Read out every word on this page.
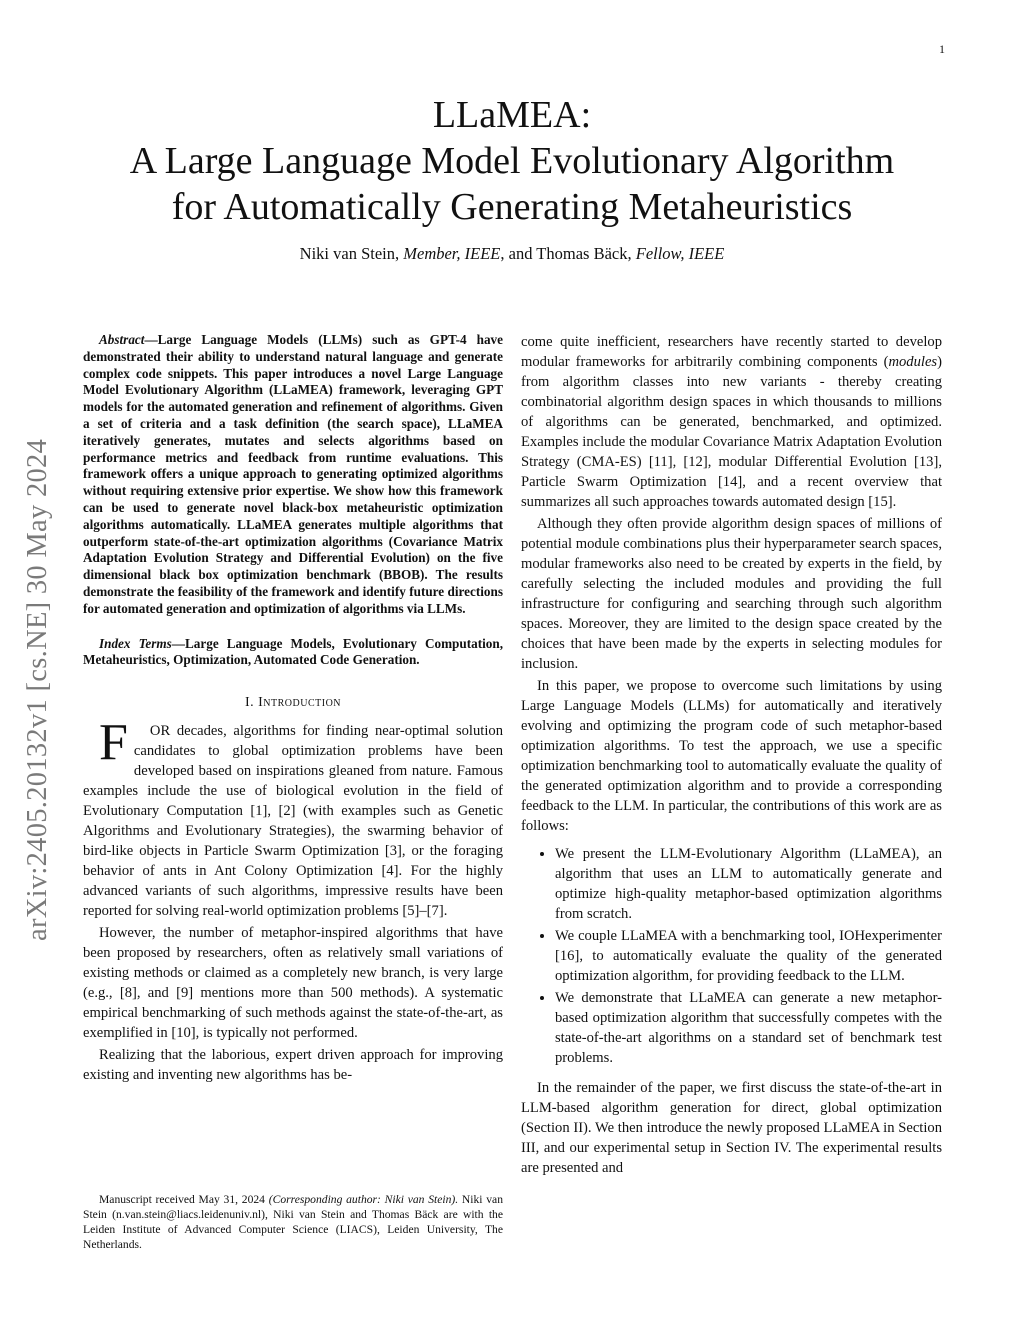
1
LLaMEA:
A Large Language Model Evolutionary Algorithm
for Automatically Generating Metaheuristics
Niki van Stein, Member, IEEE, and Thomas Bäck, Fellow, IEEE
arXiv:2405.20132v1 [cs.NE] 30 May 2024
Abstract—Large Language Models (LLMs) such as GPT-4 have demonstrated their ability to understand natural language and generate complex code snippets. This paper introduces a novel Large Language Model Evolutionary Algorithm (LLaMEA) framework, leveraging GPT models for the automated generation and refinement of algorithms. Given a set of criteria and a task definition (the search space), LLaMEA iteratively generates, mutates and selects algorithms based on performance metrics and feedback from runtime evaluations. This framework offers a unique approach to generating optimized algorithms without requiring extensive prior expertise. We show how this framework can be used to generate novel black-box metaheuristic optimization algorithms automatically. LLaMEA generates multiple algorithms that outperform state-of-the-art optimization algorithms (Covariance Matrix Adaptation Evolution Strategy and Differential Evolution) on the five dimensional black box optimization benchmark (BBOB). The results demonstrate the feasibility of the framework and identify future directions for automated generation and optimization of algorithms via LLMs.
Index Terms—Large Language Models, Evolutionary Computation, Metaheuristics, Optimization, Automated Code Generation.
I. Introduction

F OR decades, algorithms for finding near-optimal solution candidates to global optimization problems have been developed based on inspirations gleaned from nature. Famous examples include the use of biological evolution in the field of Evolutionary Computation [1], [2] (with examples such as Genetic Algorithms and Evolutionary Strategies), the swarming behavior of bird-like objects in Particle Swarm Optimization [3], or the foraging behavior of ants in Ant Colony Optimization [4]. For the highly advanced variants of such algorithms, impressive results have been reported for solving real-world optimization problems [5]–[7].

However, the number of metaphor-inspired algorithms that have been proposed by researchers, often as relatively small variations of existing methods or claimed as a completely new branch, is very large (e.g., [8], and [9] mentions more than 500 methods). A systematic empirical benchmarking of such methods against the state-of-the-art, as exemplified in [10], is typically not performed.

Realizing that the laborious, expert driven approach for improving existing and inventing new algorithms has be-

come quite inefficient, researchers have recently started to develop modular frameworks for arbitrarily combining components (modules) from algorithm classes into new variants - thereby creating combinatorial algorithm design spaces in which thousands to millions of algorithms can be generated, benchmarked, and optimized. Examples include the modular Covariance Matrix Adaptation Evolution Strategy (CMA-ES) [11], [12], modular Differential Evolution [13], Particle Swarm Optimization [14], and a recent overview that summarizes all such approaches towards automated design [15].

Although they often provide algorithm design spaces of millions of potential module combinations plus their hyperparameter search spaces, modular frameworks also need to be created by experts in the field, by carefully selecting the included modules and providing the full infrastructure for configuring and searching through such algorithm spaces. Moreover, they are limited to the design space created by the choices that have been made by the experts in selecting modules for inclusion.

In this paper, we propose to overcome such limitations by using Large Language Models (LLMs) for automatically and iteratively evolving and optimizing the program code of such metaphor-based optimization algorithms. To test the approach, we use a specific optimization benchmarking tool to automatically evaluate the quality of the generated optimization algorithm and to provide a corresponding feedback to the LLM. In particular, the contributions of this work are as follows:

• We present the LLM-Evolutionary Algorithm (LLaMEA), an algorithm that uses an LLM to automatically generate and optimize high-quality metaphor-based optimization algorithms from scratch.
• We couple LLaMEA with a benchmarking tool, IOHexperimenter [16], to automatically evaluate the quality of the generated optimization algorithm, for providing feedback to the LLM.
• We demonstrate that LLaMEA can generate a new metaphor-based optimization algorithm that successfully competes with the state-of-the-art algorithms on a standard set of benchmark test problems.

In the remainder of the paper, we first discuss the state-of-the-art in LLM-based algorithm generation for direct, global optimization (Section II). We then introduce the newly proposed LLaMEA in Section III, and our experimental setup in Section IV. The experimental results are presented and

Manuscript received May 31, 2024 (Corresponding author: Niki van Stein). Niki van Stein (n.van.stein@liacs.leidenuniv.nl), Niki van Stein and Thomas Bäck are with the Leiden Institute of Advanced Computer Science (LIACS), Leiden University, The Netherlands.
